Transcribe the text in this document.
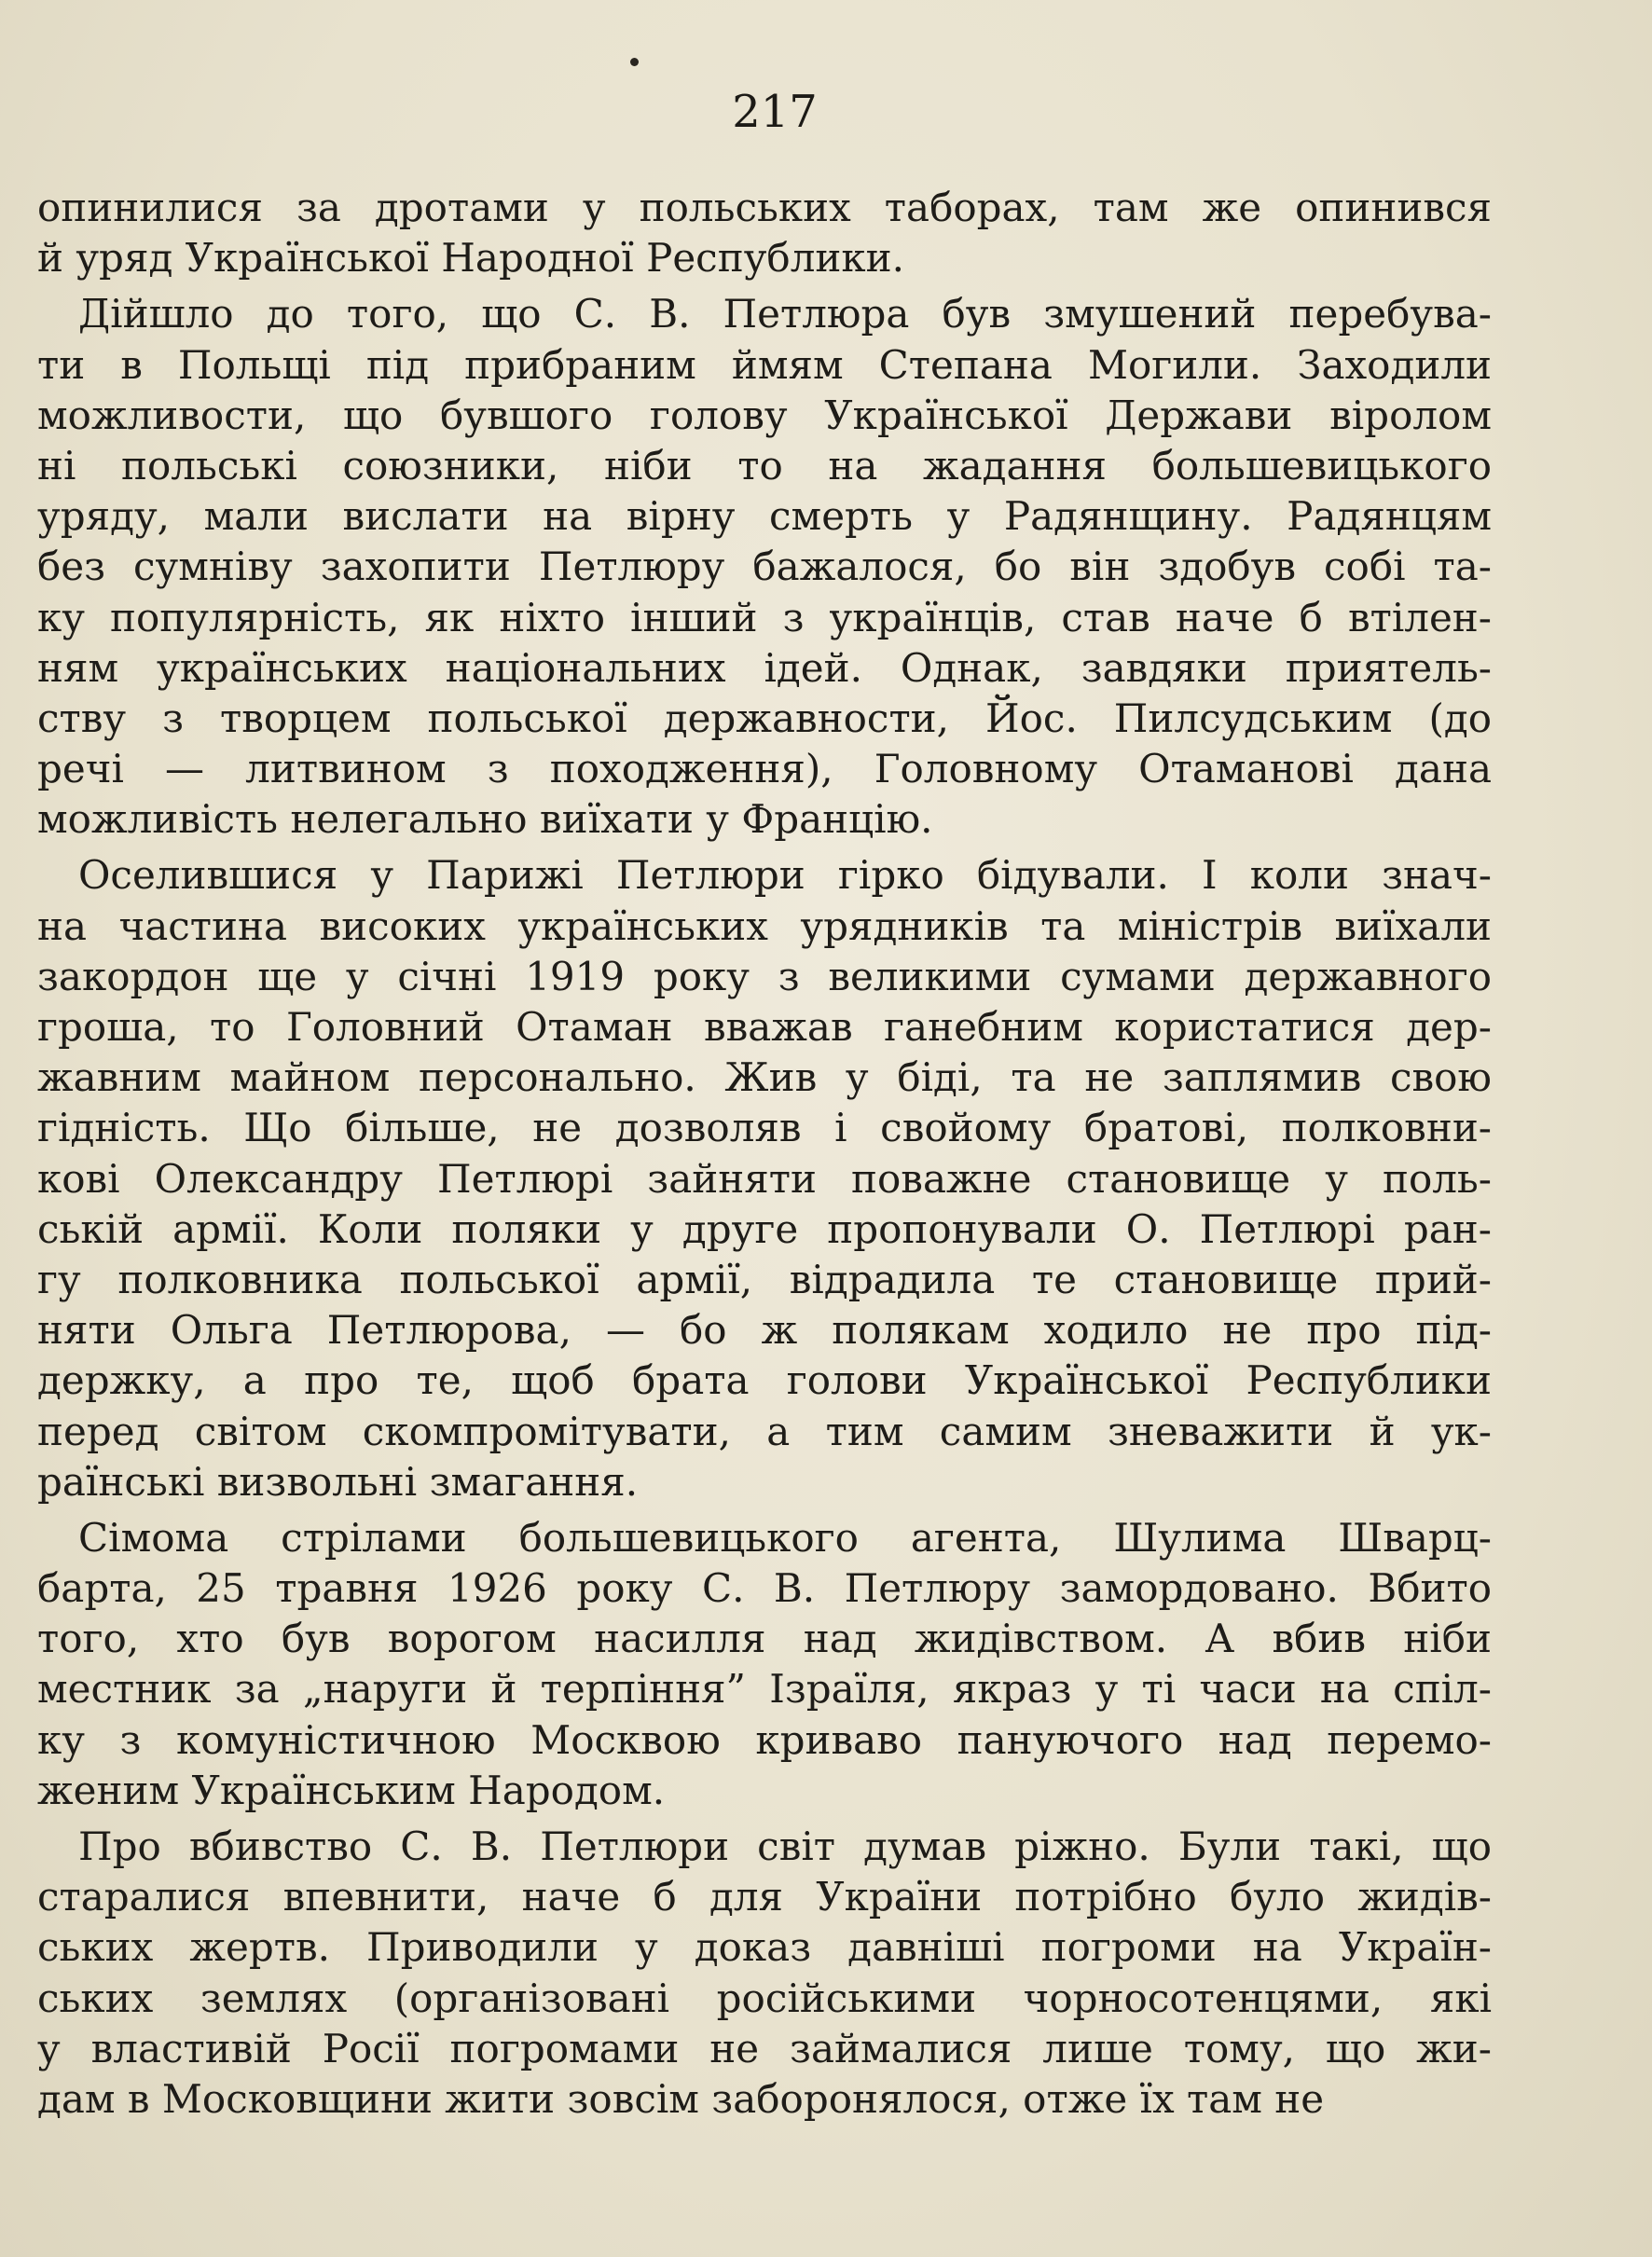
217
опинилися за дротами у польських таборах, там же опинився
й уряд Української Народної Республики.
Дійшло до того, що С. В. Петлюра був змушений перебува-
ти в Польщі під прибраним ймям Степана Могили. Заходили
можливости, що бувшого голову Української Держави віролом
ні польські союзники, ніби то на жадання большевицького
уряду, мали вислати на вірну смерть у Радянщину. Радянцям
без сумніву захопити Петлюру бажалося, бо він здобув собі та-
ку популярність, як ніхто інший з українців, став наче б втілен-
ням українських національних ідей. Однак, завдяки приятель-
ству з творцем польської державности, Йос. Пилсудським (до
речі — литвином з походження), Головному Отаманові дана
можливість нелегально виїхати у Францію.
Оселившися у Парижі Петлюри гірко бідували. І коли знач-
на частина високих українських урядників та міністрів виїхали
закордон ще у січні 1919 року з великими сумами державного
гроша, то Головний Отаман вважав ганебним користатися дер-
жавним майном персонально. Жив у біді, та не заплямив свою
гідність. Що більше, не дозволяв і свойому братові, полковни-
кові Олександру Петлюрі зайняти поважне становище у поль-
ській армії. Коли поляки у друге пропонували О. Петлюрі ран-
гу полковника польської армії, відрадила те становище прий-
няти Ольга Петлюрова, — бо ж полякам ходило не про під-
держку, а про те, щоб брата голови Української Республики
перед світом скомпромітувати, а тим самим зневажити й ук-
раїнські визвольні змагання.
Сімома стрілами большевицького агента, Шулима Шварц-
барта, 25 травня 1926 року С. В. Петлюру замордовано. Вбито
того, хто був ворогом насилля над жидівством. А вбив ніби
местник за „наруги й терпіння” Ізраїля, якраз у ті часи на спіл-
ку з комуністичною Москвою криваво пануючого над перемо-
женим Українським Народом.
Про вбивство С. В. Петлюри світ думав ріжно. Були такі, що
старалися впевнити, наче б для України потрібно було жидів-
ських жертв. Приводили у доказ давніші погроми на Україн-
ських землях (організовані російськими чорносотенцями, які
у властивій Росії погромами не займалися лише тому, що жи-
дам в Московщини жити зовсім заборонялося, отже їх там не
